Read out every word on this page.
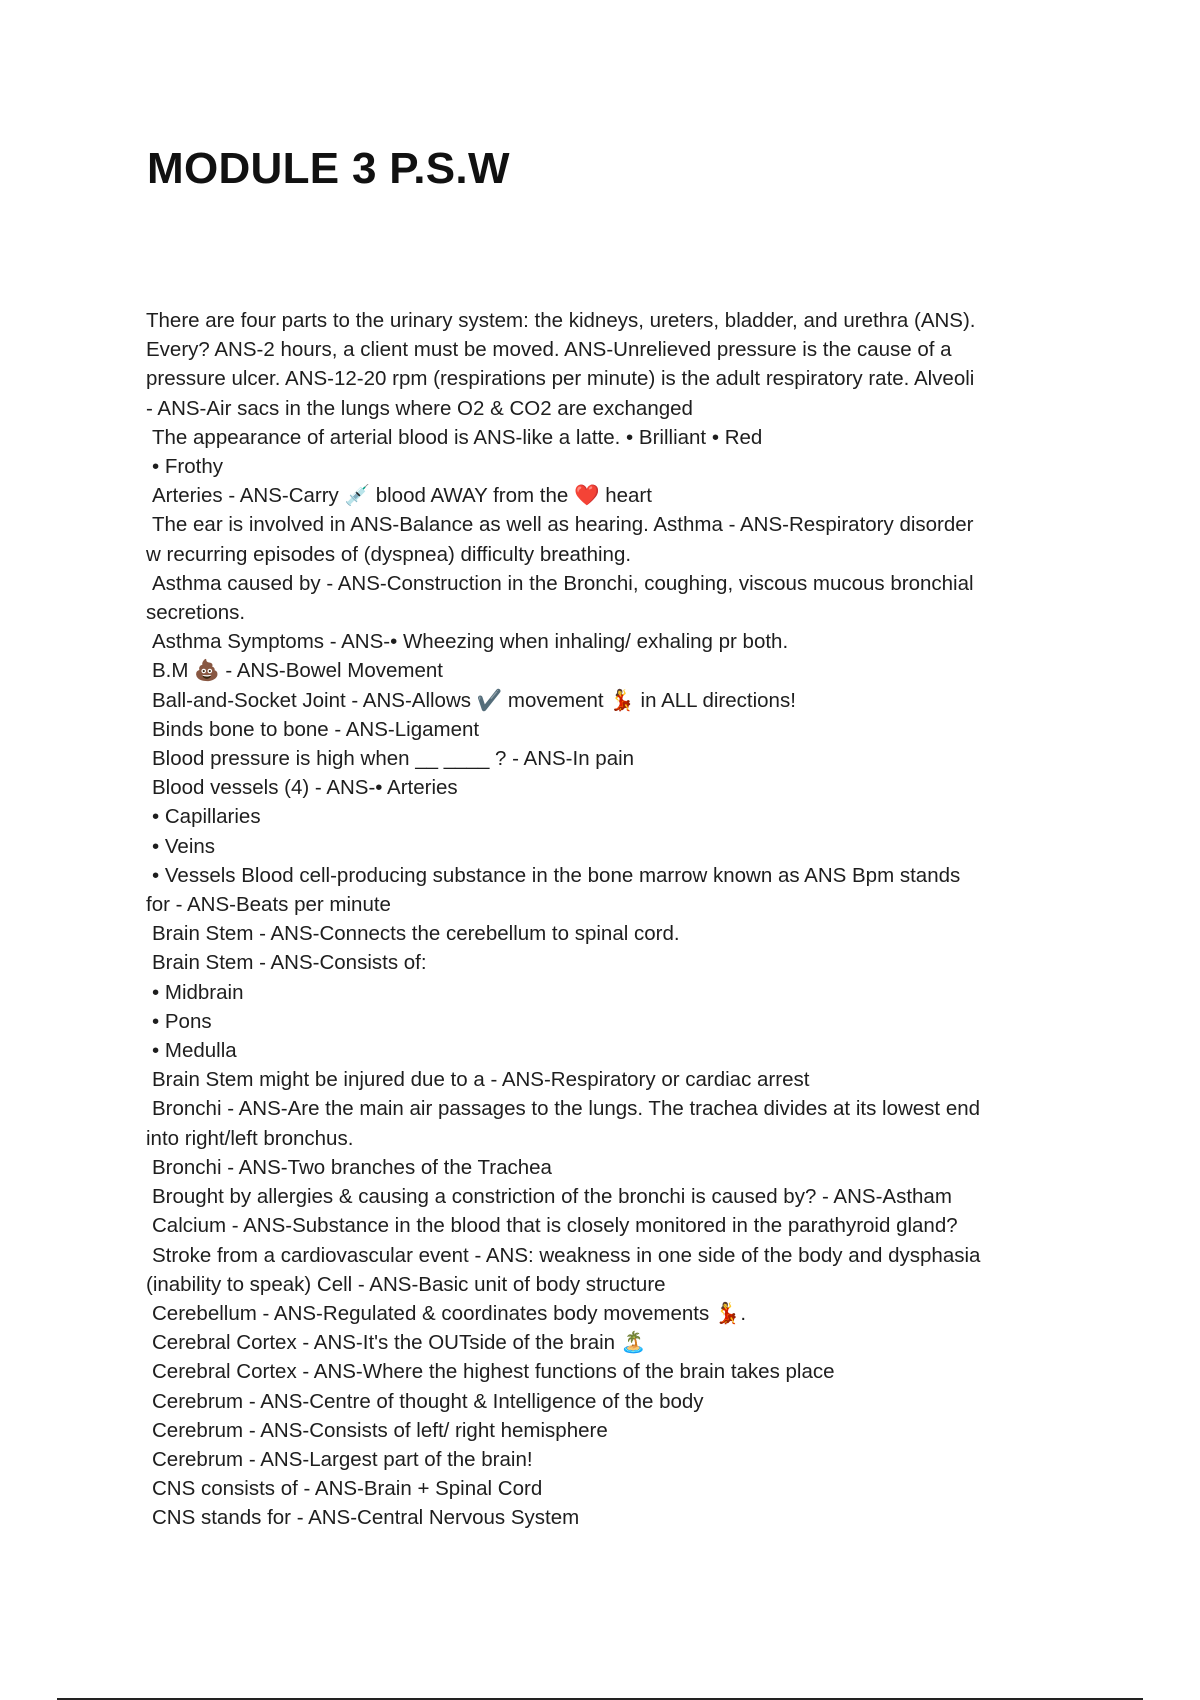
MODULE 3 P.S.W
There are four parts to the urinary system: the kidneys, ureters, bladder, and urethra (ANS).
Every? ANS-2 hours, a client must be moved. ANS-Unrelieved pressure is the cause of a
pressure ulcer. ANS-12-20 rpm (respirations per minute) is the adult respiratory rate. Alveoli
- ANS-Air sacs in the lungs where O2 & CO2 are exchanged
The appearance of arterial blood is ANS-like a latte. • Brilliant • Red
• Frothy
Arteries - ANS-Carry 💉 blood AWAY from the ❤️ heart
The ear is involved in ANS-Balance as well as hearing. Asthma - ANS-Respiratory disorder
w recurring episodes of (dyspnea) difficulty breathing.
Asthma caused by - ANS-Construction in the Bronchi, coughing, viscous mucous bronchial
secretions.
Asthma Symptoms - ANS-• Wheezing when inhaling/ exhaling pr both.
B.M 💩 - ANS-Bowel Movement
Ball-and-Socket Joint - ANS-Allows ✔️ movement 💃 in ALL directions!
Binds bone to bone - ANS-Ligament
Blood pressure is high when __ ____ ? - ANS-In pain
Blood vessels (4) - ANS-• Arteries
• Capillaries
• Veins
• Vessels Blood cell-producing substance in the bone marrow known as ANS Bpm stands
for - ANS-Beats per minute
Brain Stem - ANS-Connects the cerebellum to spinal cord.
Brain Stem - ANS-Consists of:
• Midbrain
• Pons
• Medulla
Brain Stem might be injured due to a - ANS-Respiratory or cardiac arrest
Bronchi - ANS-Are the main air passages to the lungs. The trachea divides at its lowest end
into right/left bronchus.
Bronchi - ANS-Two branches of the Trachea
Brought by allergies & causing a constriction of the bronchi is caused by? - ANS-Astham
Calcium - ANS-Substance in the blood that is closely monitored in the parathyroid gland?
Stroke from a cardiovascular event - ANS: weakness in one side of the body and dysphasia
(inability to speak) Cell - ANS-Basic unit of body structure
Cerebellum - ANS-Regulated & coordinates body movements 💃.
Cerebral Cortex - ANS-It's the OUTside of the brain 🏝️
Cerebral Cortex - ANS-Where the highest functions of the brain takes place
Cerebrum - ANS-Centre of thought & Intelligence of the body
Cerebrum - ANS-Consists of left/ right hemisphere
Cerebrum - ANS-Largest part of the brain!
CNS consists of - ANS-Brain + Spinal Cord
CNS stands for - ANS-Central Nervous System
